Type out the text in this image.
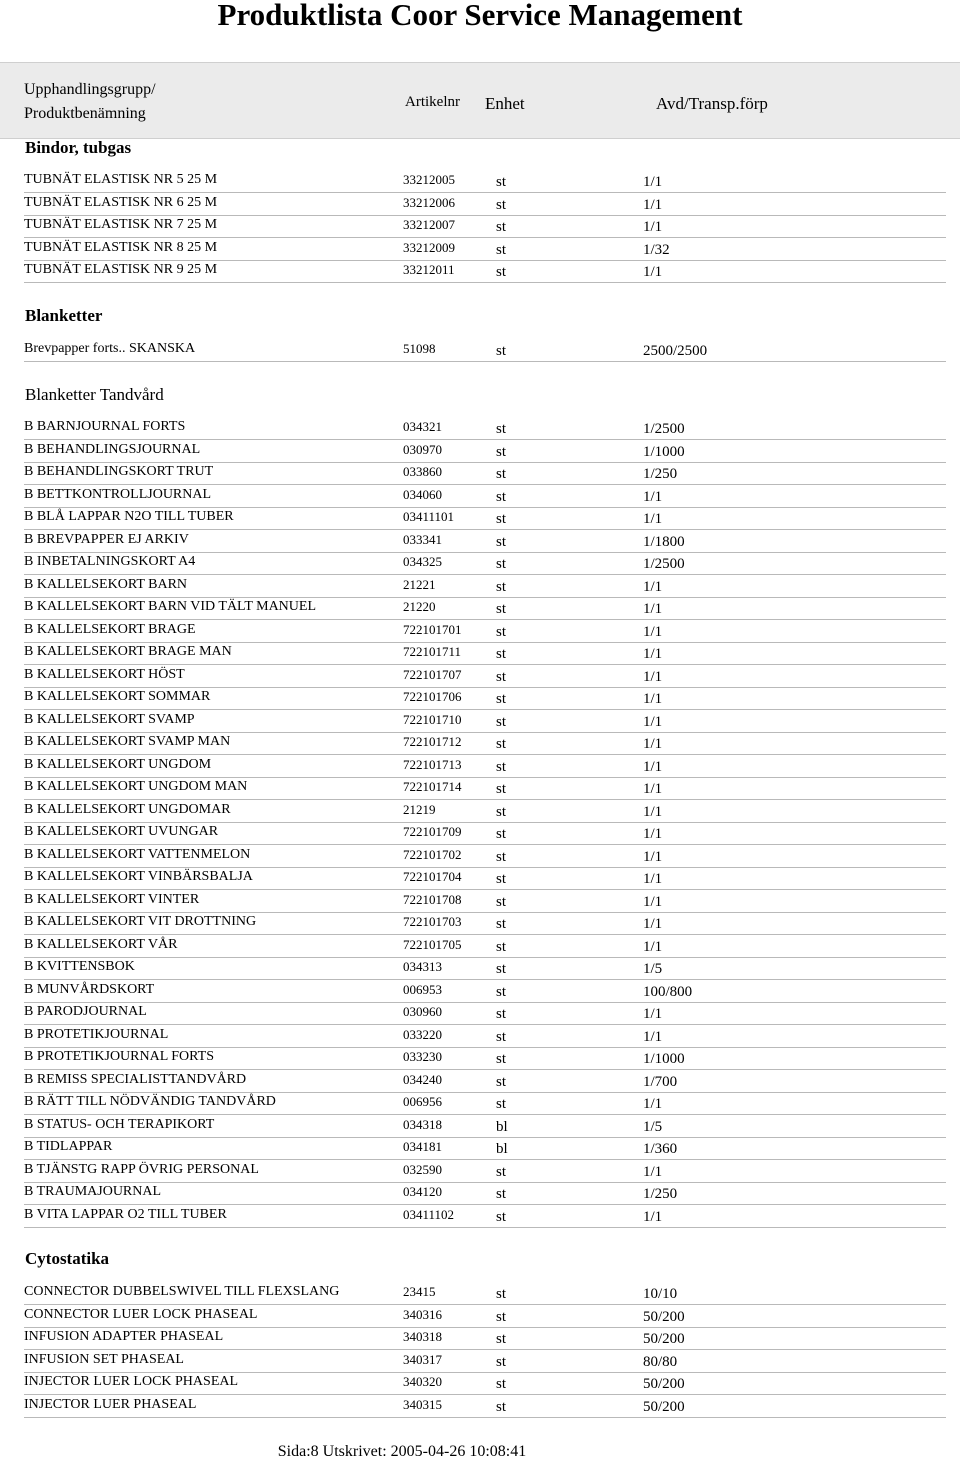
Produktlista Coor Service Management
Upphandlingsgrupp/
Produktbenämning
Artikelnr Enhet	Avd/Transp.förp
Bindor, tubgas
TUBNÄT ELASTISK NR 5 25 M	33212005	st	1/1
TUBNÄT ELASTISK NR 6 25 M	33212006	st	1/1
TUBNÄT ELASTISK NR 7 25 M	33212007	st	1/1
TUBNÄT ELASTISK NR 8 25 M	33212009	st	1/32
TUBNÄT ELASTISK NR 9 25 M	33212011	st	1/1
Blanketter
Brevpapper forts.. SKANSKA	51098	st	2500/2500
Blanketter Tandvård
B BARNJOURNAL FORTS	034321	st	1/2500
B BEHANDLINGSJOURNAL	030970	st	1/1000
B BEHANDLINGSKORT TRUT	033860	st	1/250
B BETTKONTROLLJOURNAL	034060	st	1/1
B BLÅ LAPPAR N2O TILL TUBER	03411101	st	1/1
B BREVPAPPER EJ ARKIV	033341	st	1/1800
B INBETALNINGSKORT A4	034325	st	1/2500
B KALLELSEKORT BARN	21221	st	1/1
B KALLELSEKORT BARN VID TÄLT MANUEL	21220	st	1/1
B KALLELSEKORT BRAGE	722101701 st	1/1
B KALLELSEKORT BRAGE MAN	722101711 st	1/1
B KALLELSEKORT HÖST	722101707 st	1/1
B KALLELSEKORT SOMMAR	722101706 st	1/1
B KALLELSEKORT SVAMP	722101710 st	1/1
B KALLELSEKORT SVAMP MAN	722101712 st	1/1
B KALLELSEKORT UNGDOM	722101713 st	1/1
B KALLELSEKORT UNGDOM MAN	722101714 st	1/1
B KALLELSEKORT UNGDOMAR	21219	st	1/1
B KALLELSEKORT UVUNGAR	722101709 st	1/1
B KALLELSEKORT VATTENMELON	722101702 st	1/1
B KALLELSEKORT VINBÄRSBALJA	722101704 st	1/1
B KALLELSEKORT VINTER	722101708 st	1/1
B KALLELSEKORT VIT DROTTNING	722101703 st	1/1
B KALLELSEKORT VÅR	722101705 st	1/1
B KVITTENSBOK	034313	st	1/5
B MUNVÅRDSKORT	006953	st	100/800
B PARODJOURNAL	030960	st	1/1
B PROTETIKJOURNAL	033220	st	1/1
B PROTETIKJOURNAL FORTS	033230	st	1/1000
B REMISS SPECIALISTTANDVÅRD	034240	st	1/700
B RÄTT TILL NÖDVÄNDIG TANDVÅRD	006956	st	1/1
B STATUS- OCH TERAPIKORT	034318	bl	1/5
B TIDLAPPAR	034181	bl	1/360
B TJÄNSTG RAPP ÖVRIG PERSONAL	032590	st	1/1
B TRAUMAJOURNAL	034120	st	1/250
B VITA LAPPAR O2 TILL TUBER	03411102	st	1/1
Cytostatika
CONNECTOR DUBBELSWIVEL TILL FLEXSLANG	23415	st	10/10
CONNECTOR LUER LOCK PHASEAL	340316	st	50/200
INFUSION ADAPTER PHASEAL	340318	st	50/200
INFUSION SET PHASEAL	340317	st	80/80
INJECTOR LUER LOCK PHASEAL	340320	st	50/200
INJECTOR LUER PHASEAL	340315	st	50/200
Sida:8 Utskrivet: 2005-04-26 10:08:41
